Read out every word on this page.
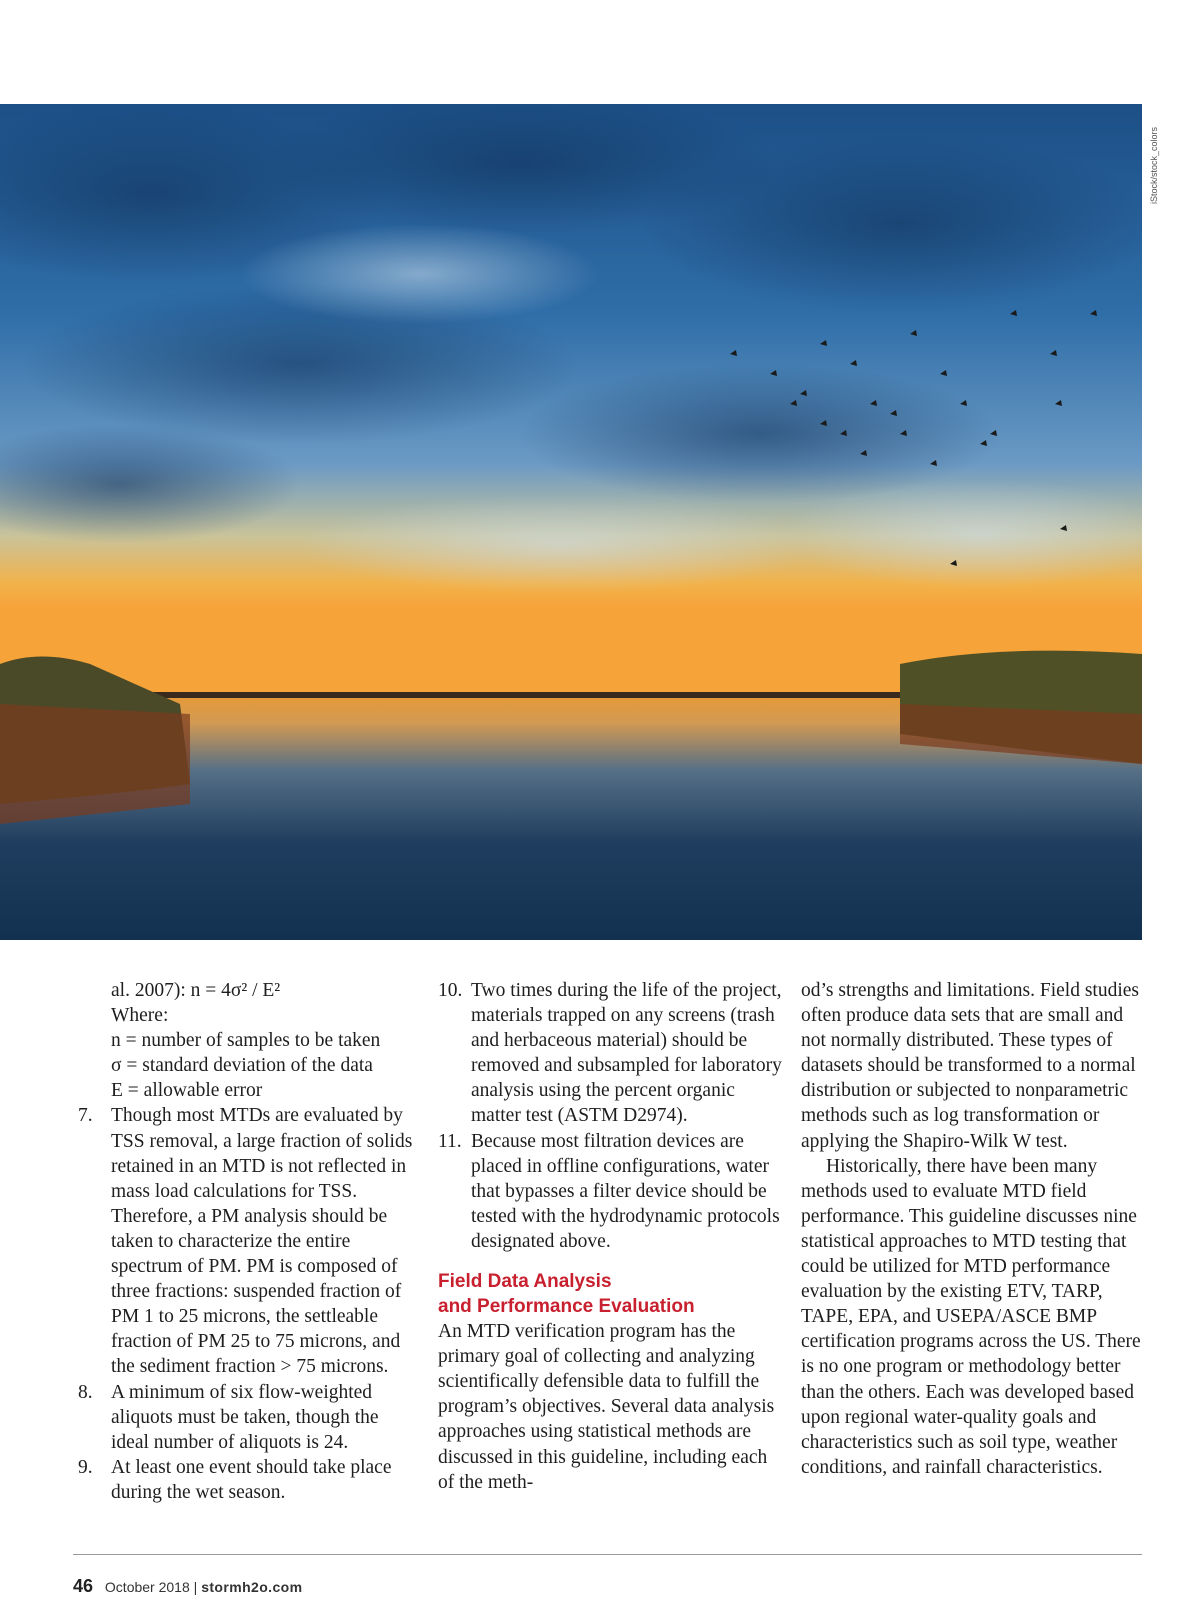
iStock/stock_colors

al. 2007): n = 4σ² / E²

Where:

n = number of samples to be taken

σ = standard deviation of the data

E = allowable error

7. Though most MTDs are evaluated by TSS removal, a large fraction of solids retained in an MTD is not reflected in mass load calculations for TSS. Therefore, a PM analysis should be taken to characterize the entire spectrum of PM. PM is composed of three fractions: suspended fraction of PM 1 to 25 microns, the settleable fraction of PM 25 to 75 microns, and the sediment fraction > 75 microns.
8. A minimum of six flow-weighted aliquots must be taken, though the ideal number of aliquots is 24.
9. At least one event should take place during the wet season.
10. Two times during the life of the project, materials trapped on any screens (trash and herbaceous material) should be removed and subsampled for laboratory analysis using the percent organic matter test (ASTM D2974).
11. Because most filtration devices are placed in offline configurations, water that bypasses a filter device should be tested with the hydrodynamic protocols designated above.
Field Data Analysis
and Performance Evaluation

An MTD verification program has the primary goal of collecting and analyzing scientifically defensible data to fulfill the program’s objectives. Several data analysis approaches using statistical methods are discussed in this guideline, including each of the meth-

od’s strengths and limitations. Field studies often produce data sets that are small and not normally distributed. These types of datasets should be transformed to a normal distribution or subjected to nonparametric methods such as log transformation or applying the Shapiro-Wilk W test.

Historically, there have been many methods used to evaluate MTD field performance. This guideline discusses nine statistical approaches to MTD testing that could be utilized for MTD performance evaluation by the existing ETV, TARP, TAPE, EPA, and USEPA/ASCE BMP certification programs across the US. There is no one program or methodology better than the others. Each was developed based upon regional water-quality goals and characteristics such as soil type, weather conditions, and rainfall characteristics.

46 October 2018 | stormh2o.com
